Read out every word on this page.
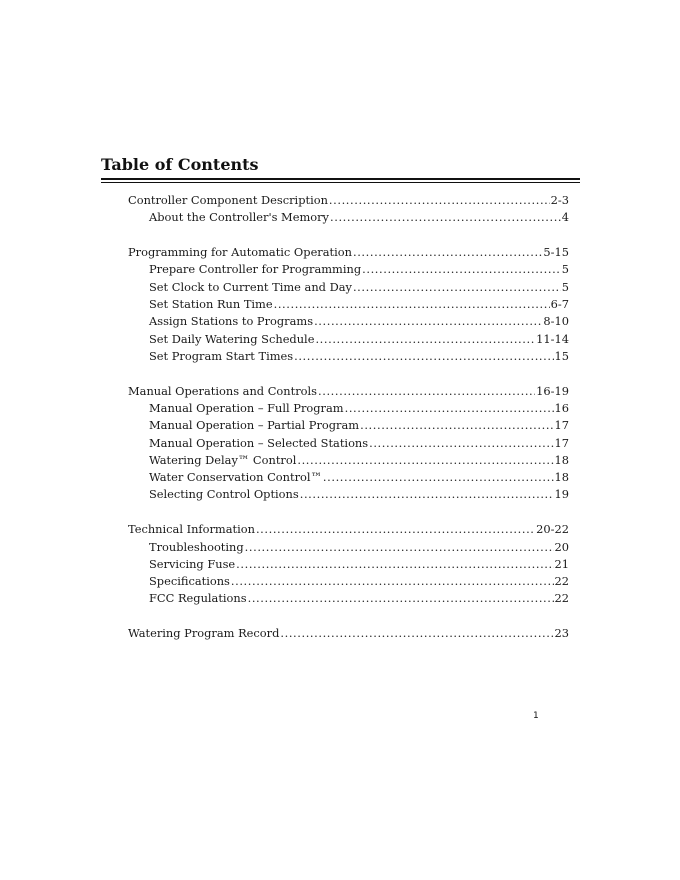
Table of Contents
Controller Component Description .....	2-3
About the Controller's Memory .....	4
Programming for Automatic Operation .....	5-15
Prepare Controller for Programming .....	5
Set Clock to Current Time and Day .....	5
Set Station Run Time .....	6-7
Assign Stations to Programs .....	8-10
Set Daily Watering Schedule .....	11-14
Set Program Start Times .....	15
Manual Operations and Controls .....	16-19
Manual Operation – Full Program .....	16
Manual Operation – Partial Program .....	17
Manual Operation – Selected Stations .....	17
Watering Delay™ Control .....	18
Water Conservation Control™ .....	18
Selecting Control Options .....	19
Technical Information .....	20-22
Troubleshooting .....	20
Servicing Fuse .....	21
Specifications .....	22
FCC Regulations .....	22
Watering Program Record .....	23
1
